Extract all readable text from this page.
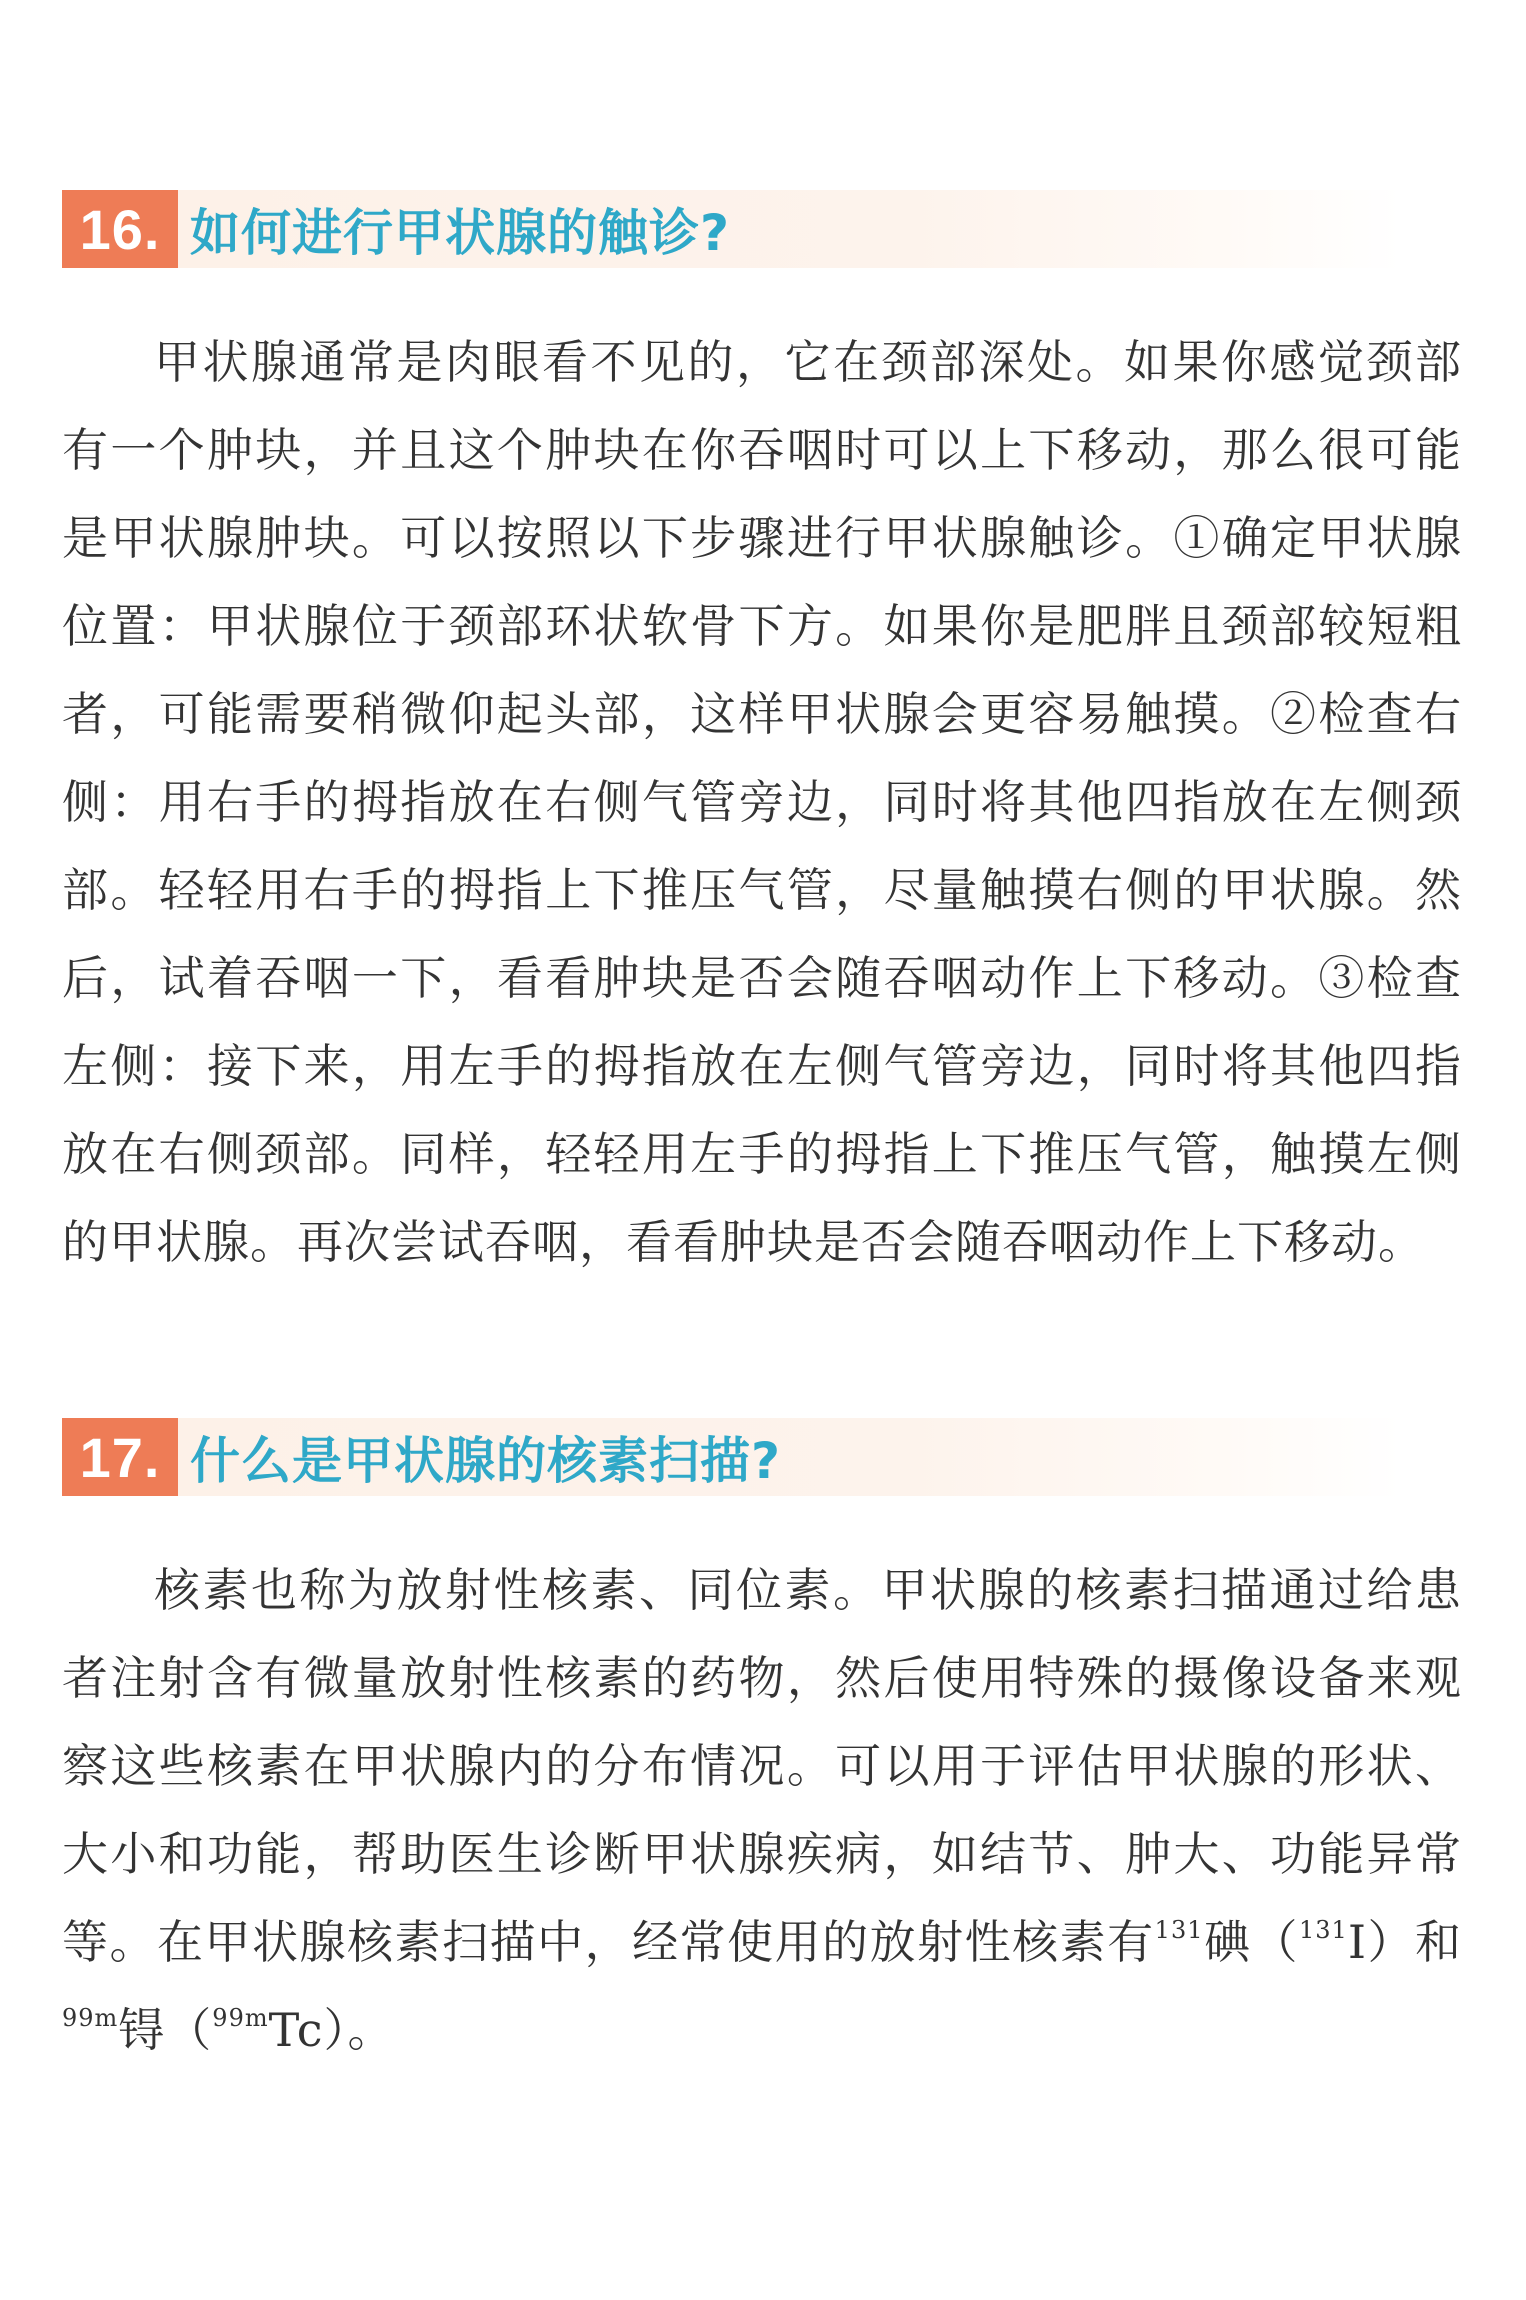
16. 如何进行甲状腺的触诊?

甲状腺通常是肉眼看不见的，它在颈部深处。如果你感觉颈部有一个肿块，并且这个肿块在你吞咽时可以上下移动，那么很可能是甲状腺肿块。可以按照以下步骤进行甲状腺触诊。①确定甲状腺位置：甲状腺位于颈部环状软骨下方。如果你是肥胖且颈部较短粗者，可能需要稍微仰起头部，这样甲状腺会更容易触摸。②检查右侧：用右手的拇指放在右侧气管旁边，同时将其他四指放在左侧颈部。轻轻用右手的拇指上下推压气管，尽量触摸右侧的甲状腺。然后，试着吞咽一下，看看肿块是否会随吞咽动作上下移动。③检查左侧：接下来，用左手的拇指放在左侧气管旁边，同时将其他四指放在右侧颈部。同样，轻轻用左手的拇指上下推压气管，触摸左侧的甲状腺。再次尝试吞咽，看看肿块是否会随吞咽动作上下移动。

17. 什么是甲状腺的核素扫描?

核素也称为放射性核素、同位素。甲状腺的核素扫描通过给患者注射含有微量放射性核素的药物，然后使用特殊的摄像设备来观察这些核素在甲状腺内的分布情况。可以用于评估甲状腺的形状、大小和功能，帮助医生诊断甲状腺疾病，如结节、肿大、功能异常等。在甲状腺核素扫描中，经常使用的放射性核素有$^{131}$碘（$^{131}$I）和$^{99m}$锝（$^{99m}$Tc）。
